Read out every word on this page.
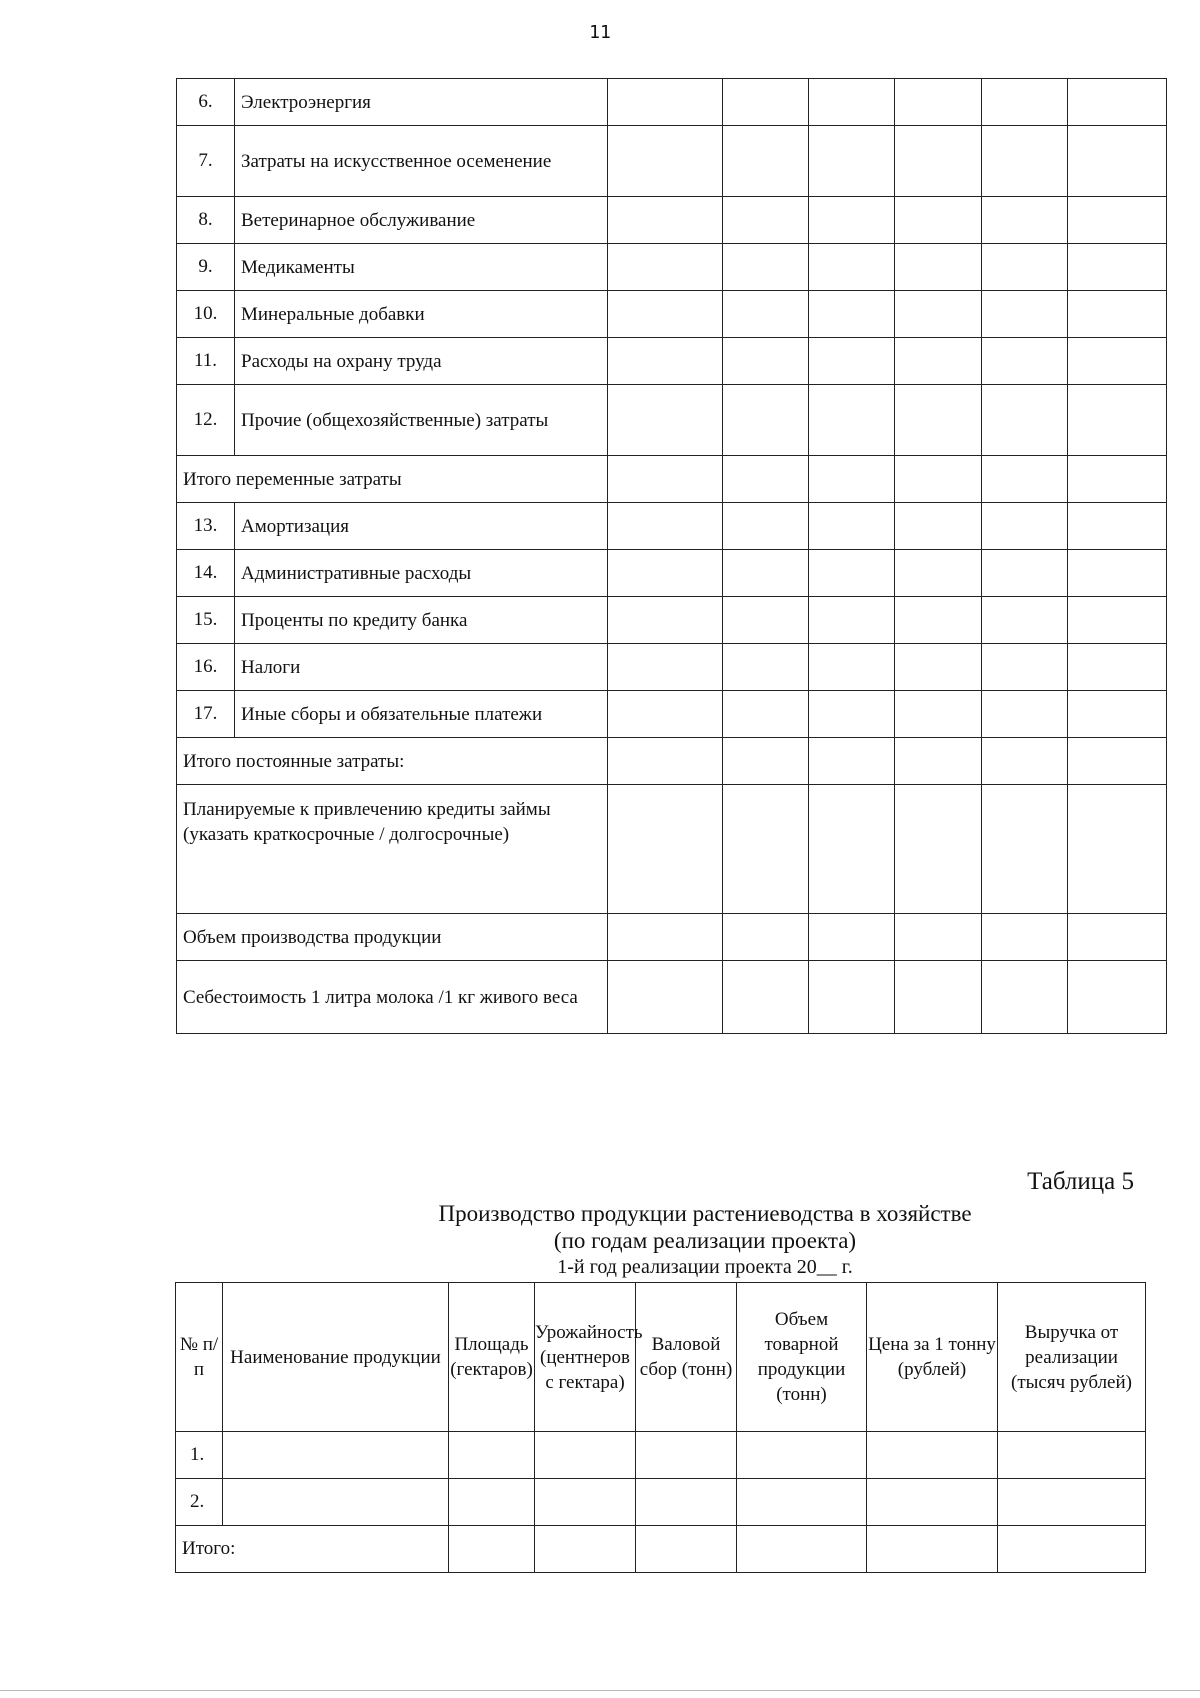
11
6.	Электроэнергия						
7.	Затраты на искусственное осеменение						
8.	Ветеринарное обслуживание						
9.	Медикаменты						
10.	Минеральные добавки						
11.	Расходы на охрану труда						
12.	Прочие (общехозяйственные) затраты						
Итого переменные затраты							
13.	Амортизация						
14.	Административные расходы						
15.	Проценты по кредиту банка						
16.	Налоги						
17.	Иные сборы и обязательные платежи						
Итого постоянные затраты:							
Планируемые к привлечению кредиты займы (указать краткосрочные / долгосрочные)							
Объем производства продукции							
Себестоимость 1 литра молока /1 кг живого веса							
Таблица 5
Производство продукции растениеводства в хозяйстве
(по годам реализации проекта)
1-й год реализации проекта 20__ г.
№ п/п	Наименование продукции	Площадь (гектаров)	Урожайность (центнеров с гектара)	Валовой сбор (тонн)	Объем товарной продукции (тонн)	Цена за 1 тонну (рублей)	Выручка от реализации (тысяч рублей)
1.							
2.							
Итого:							
